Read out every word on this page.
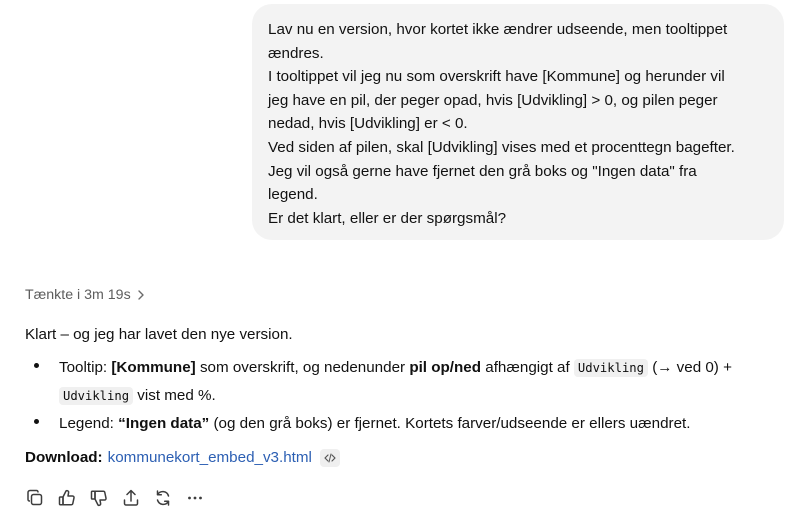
Lav nu en version, hvor kortet ikke ændrer udseende, men tooltippet
ændres.
I tooltippet vil jeg nu som overskrift have [Kommune] og herunder vil
jeg have en pil, der peger opad, hvis [Udvikling] > 0, og pilen peger
nedad, hvis [Udvikling] er < 0.
Ved siden af pilen, skal [Udvikling] vises med et procenttegn bagefter.
Jeg vil også gerne have fjernet den grå boks og "Ingen data" fra
legend.
Er det klart, eller er der spørgsmål?
Tænkte i 3m 19s

Klart – og jeg har lavet den nye version.

Tooltip: [Kommune] som overskrift, og nedenunder pil op/ned afhængigt af Udvikling (→ ved 0) +
Udvikling vist med %.
Legend: “Ingen data” (og den grå boks) er fjernet. Kortets farver/udseende er ellers uændret.
Download: kommunekort_embed_v3.html
